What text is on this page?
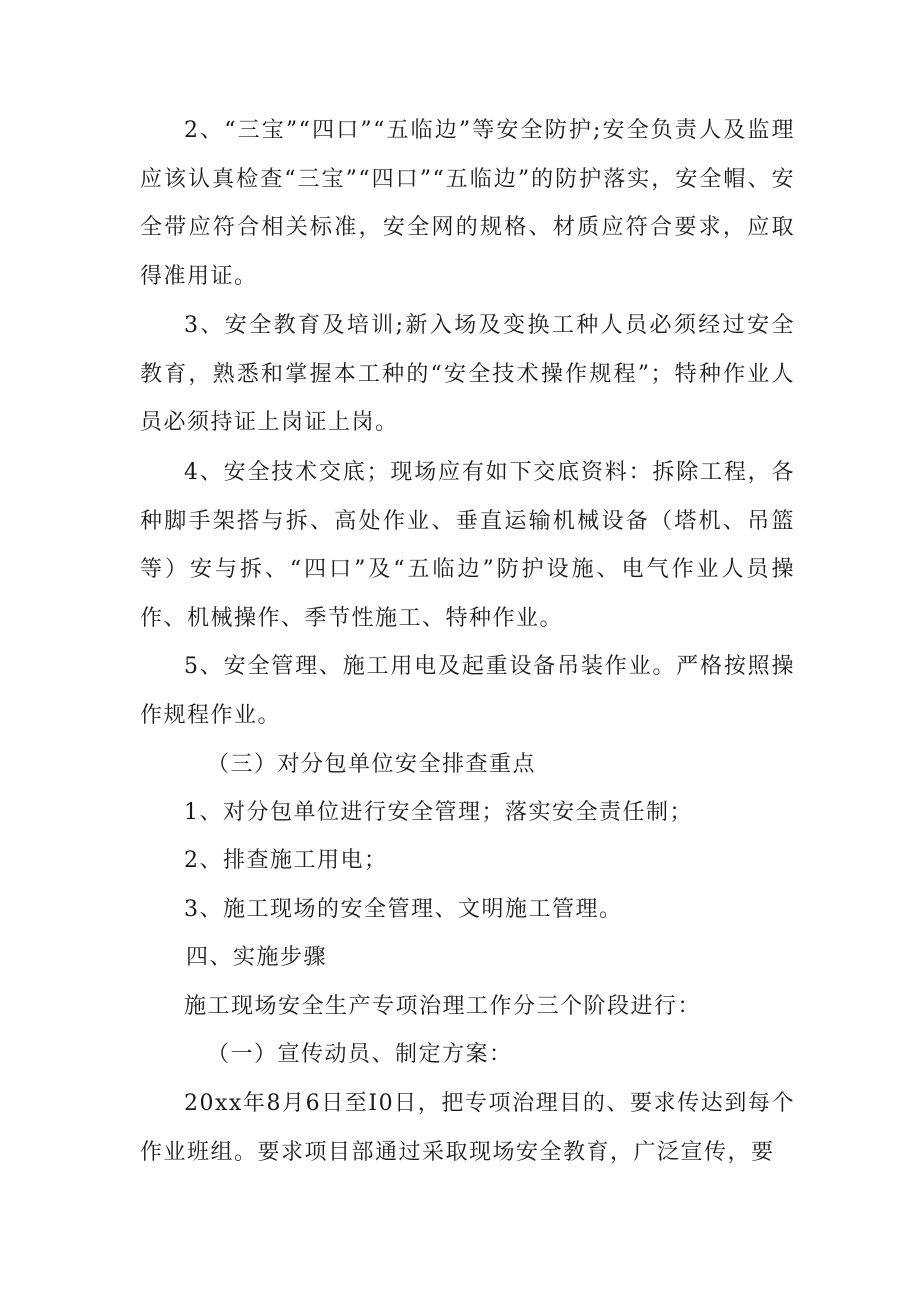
2、“三宝”“四口”“五临边”等安全防护;安全负责人及监理应该认真检查“三宝”“四口”“五临边”的防护落实，安全帽、安全带应符合相关标准，安全网的规格、材质应符合要求，应取得准用证。

3、安全教育及培训;新入场及变换工种人员必须经过安全教育，熟悉和掌握本工种的“安全技术操作规程”；特种作业人员必须持证上岗证上岗。

4、安全技术交底；现场应有如下交底资料：拆除工程，各种脚手架搭与拆、高处作业、垂直运输机械设备（塔机、吊篮等）安与拆、“四口”及“五临边”防护设施、电气作业人员操作、机械操作、季节性施工、特种作业。

5、安全管理、施工用电及起重设备吊装作业。严格按照操作规程作业。

（三）对分包单位安全排查重点

1、对分包单位进行安全管理；落实安全责任制；

2、排查施工用电；

3、施工现场的安全管理、文明施工管理。

四、实施步骤

施工现场安全生产专项治理工作分三个阶段进行：

（一）宣传动员、制定方案：

20xx年8月6日至I0日，把专项治理目的、要求传达到每个作业班组。要求项目部通过采取现场安全教育，广泛宣传，要
